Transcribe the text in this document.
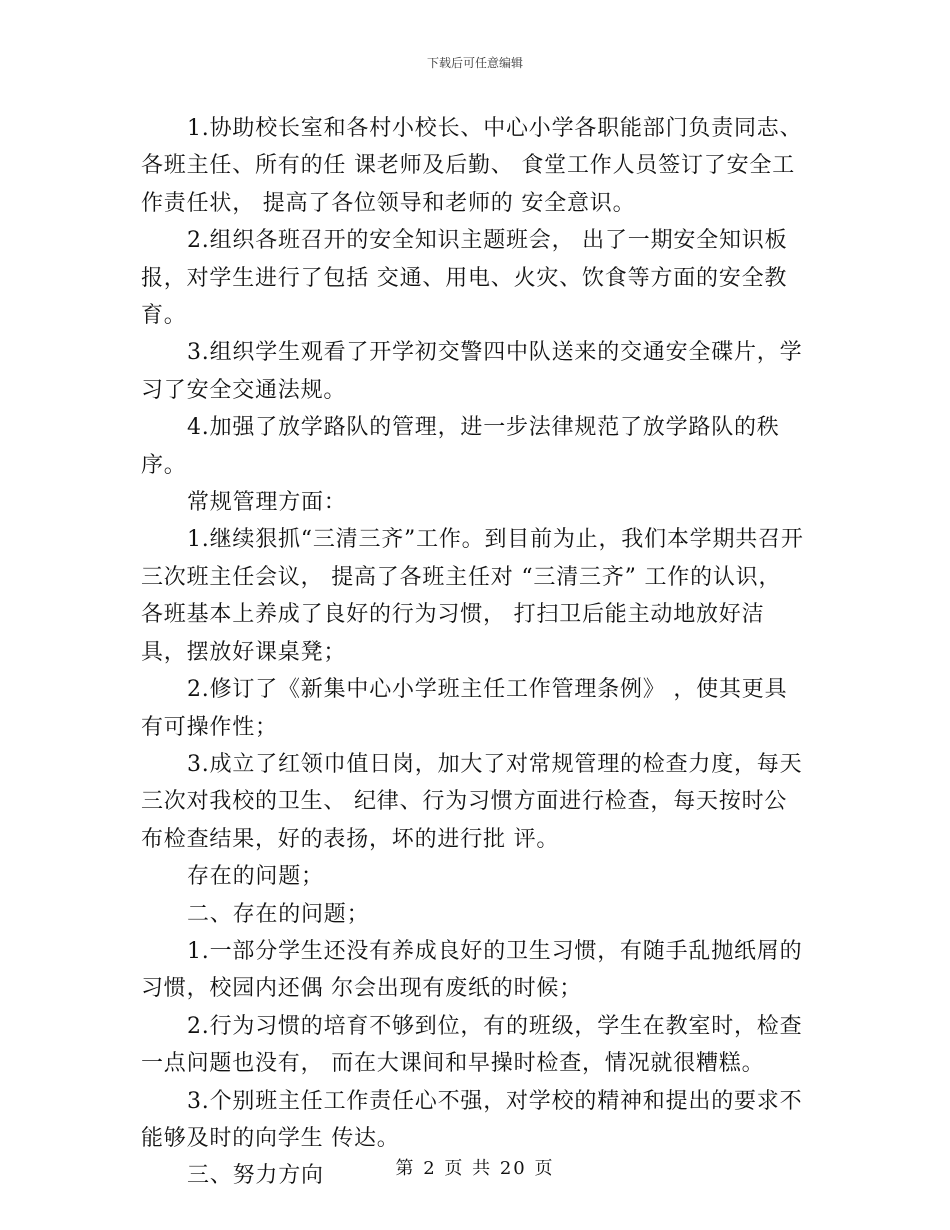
下载后可任意编辑

1.协助校长室和各村小校长、中心小学各职能部门负责同志、各班主任、所有的任 课老师及后勤、 食堂工作人员签订了安全工作责任状， 提高了各位领导和老师的 安全意识。

2.组织各班召开的安全知识主题班会， 出了一期安全知识板报，对学生进行了包括 交通、用电、火灾、饮食等方面的安全教育。

3.组织学生观看了开学初交警四中队送来的交通安全碟片，学习了安全交通法规。

4.加强了放学路队的管理，进一步法律规范了放学路队的秩序。

常规管理方面：

1.继续狠抓“三清三齐”工作。到目前为止，我们本学期共召开三次班主任会议， 提高了各班主任对 “三清三齐” 工作的认识， 各班基本上养成了良好的行为习惯， 打扫卫后能主动地放好洁具，摆放好课桌凳；

2.修订了《新集中心小学班主任工作管理条例》 ，使其更具有可操作性；

3.成立了红领巾值日岗，加大了对常规管理的检查力度，每天三次对我校的卫生、 纪律、行为习惯方面进行检查，每天按时公布检查结果，好的表扬，坏的进行批 评。

存在的问题；

二、存在的问题；

1.一部分学生还没有养成良好的卫生习惯，有随手乱抛纸屑的习惯，校园内还偶 尔会出现有废纸的时候；

2.行为习惯的培育不够到位，有的班级，学生在教室时，检查一点问题也没有， 而在大课间和早操时检查，情况就很糟糕。

3.个别班主任工作责任心不强，对学校的精神和提出的要求不能够及时的向学生 传达。

三、努力方向	第 2 页 共 20 页
